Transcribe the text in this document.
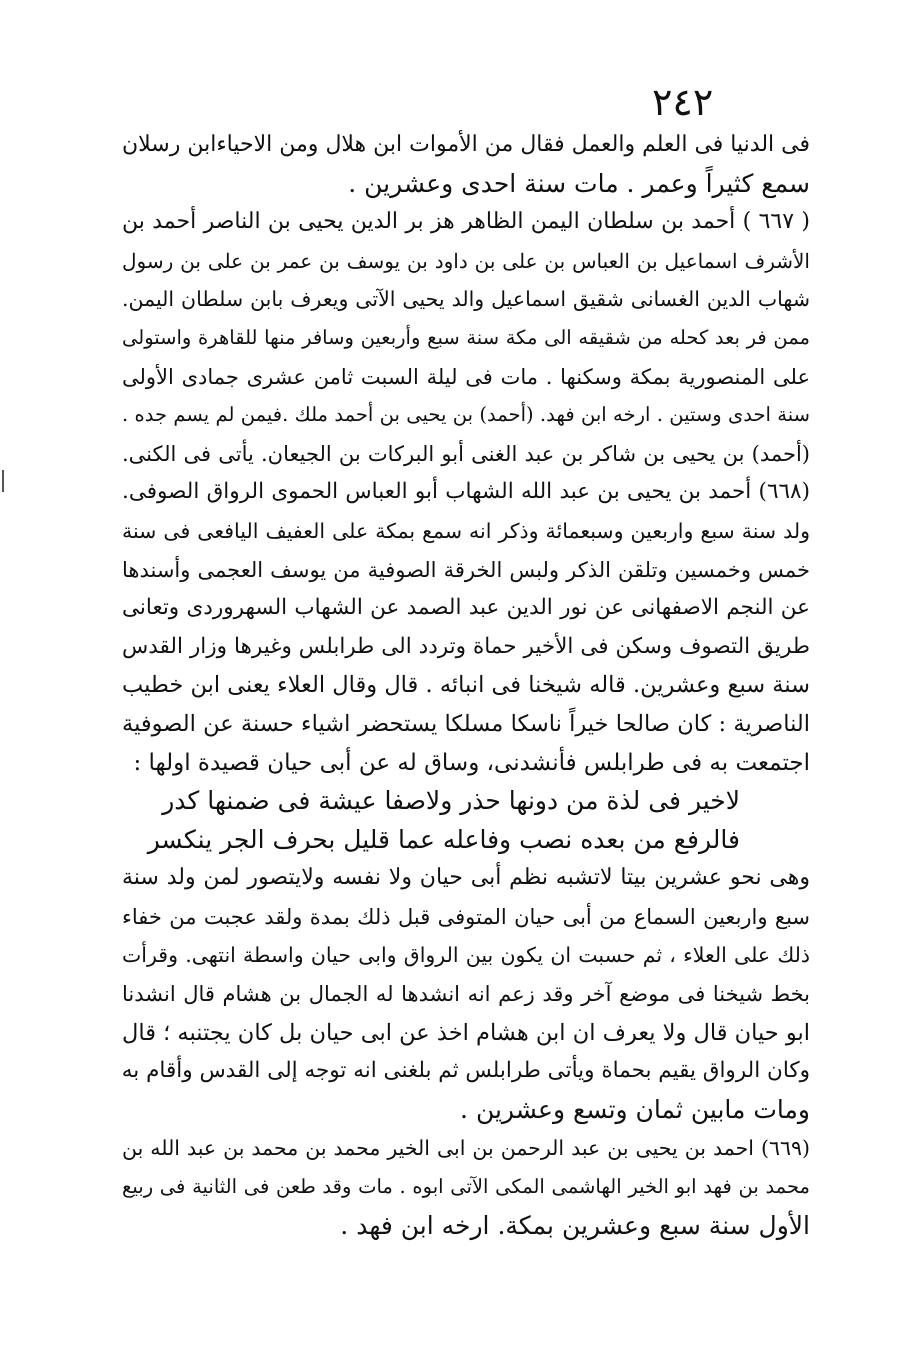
٢٤٢
فى الدنيا فى العلم والعمل فقال من الأموات ابن هلال ومن الاحياءابن رسلان
سمع كثيراً وعمر . مات سنة احدى وعشرين .
( ٦٦٧ ) أحمد بن سلطان اليمن الظاهر هز بر الدين يحيى بن الناصر أحمد بن
الأشرف اسماعيل بن العباس بن على بن داود بن يوسف بن عمر بن على بن رسول
شهاب الدين الغسانى شقيق اسماعيل والد يحيى الآتى ويعرف بابن سلطان اليمن.
ممن فر بعد كحله من شقيقه الى مكة سنة سبع وأربعين وسافر منها للقاهرة واستولى
على المنصورية بمكة وسكنها . مات فى ليلة السبت ثامن عشرى جمادى الأولى
سنة احدى وستين . ارخه ابن فهد. (أحمد) بن يحيى بن أحمد ملك .فيمن لم يسم جده .
(أحمد) بن يحيى بن شاكر بن عبد الغنى أبو البركات بن الجيعان. يأتى فى الكنى.
(٦٦٨) أحمد بن يحيى بن عبد الله الشهاب أبو العباس الحموى الرواق الصوفى.
ولد سنة سبع واربعين وسبعمائة وذكر انه سمع بمكة على العفيف اليافعى فى سنة
خمس وخمسين وتلقن الذكر ولبس الخرقة الصوفية من يوسف العجمى وأسندها
عن النجم الاصفهانى عن نور الدين عبد الصمد عن الشهاب السهروردى وتعانى
طريق التصوف وسكن فى الأخير حماة وتردد الى طرابلس وغيرها وزار القدس
سنة سبع وعشرين. قاله شيخنا فى انبائه . قال وقال العلاء يعنى ابن خطيب
الناصرية : كان صالحا خيراً ناسكا مسلكا يستحضر اشياء حسنة عن الصوفية
اجتمعت به فى طرابلس فأنشدنى، وساق له عن أبى حيان قصيدة اولها :
لاخير فى لذة من دونها حذر ولاصفا عيشة فى ضمنها كدر
فالرفع من بعده نصب وفاعله عما قليل بحرف الجر ينكسر
وهى نحو عشرين بيتا لاتشبه نظم أبى حيان ولا نفسه ولايتصور لمن ولد سنة
سبع واربعين السماع من أبى حيان المتوفى قبل ذلك بمدة ولقد عجبت من خفاء
ذلك على العلاء ، ثم حسبت ان يكون بين الرواق وابى حيان واسطة انتهى. وقرأت
بخط شيخنا فى موضع آخر وقد زعم انه انشدها له الجمال بن هشام قال انشدنا
ابو حيان قال ولا يعرف ان ابن هشام اخذ عن ابى حيان بل كان يجتنبه ؛ قال
وكان الرواق يقيم بحماة ويأتى طرابلس ثم بلغنى انه توجه إلى القدس وأقام به
ومات مابين ثمان وتسع وعشرين .
(٦٦٩) احمد بن يحيى بن عبد الرحمن بن ابى الخير محمد بن محمد بن عبد الله بن
محمد بن فهد ابو الخير الهاشمى المكى الآتى ابوه . مات وقد طعن فى الثانية فى ربيع
الأول سنة سبع وعشرين بمكة. ارخه ابن فهد .
